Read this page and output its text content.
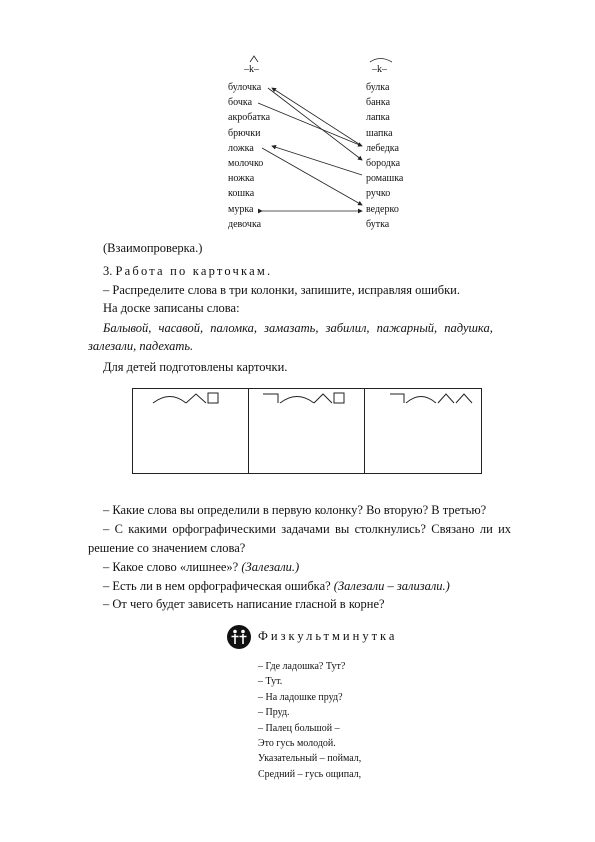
–k–	–k–
булочка
бочка
акробатка
брючки
ложка
молочко
ножка
кошка
мурка
девочка
булка
банка
лапка
шапка
лебедка
бородка
ромашка
ручко
ведерко
бутка
(Взаимопроверка.)
3. Работа по карточкам.
– Распределите слова в три колонки, запишите, исправляя ошибки.
На доске записаны слова:
Балывой, часавой, паломка, замазать, забилил, пажарный, падушка,
залезали, падехать.
Для детей подготовлены карточки.
– Какие слова вы определили в первую колонку? Во вторую? В третью?
– С какими орфографическими задачами вы столкнулись? Связано ли их
решение со значением слова?
– Какое слово «лишнее»? (Залезали.)
– Есть ли в нем орфографическая ошибка? (Залезали – зализали.)
– От чего будет зависеть написание гласной в корне?
Физкультминутка
– Где ладошка? Тут?
– Тут.
– На ладошке пруд?
– Пруд.
– Палец большой –
Это гусь молодой.
Указательный – поймал,
Средний – гусь ощипал,
